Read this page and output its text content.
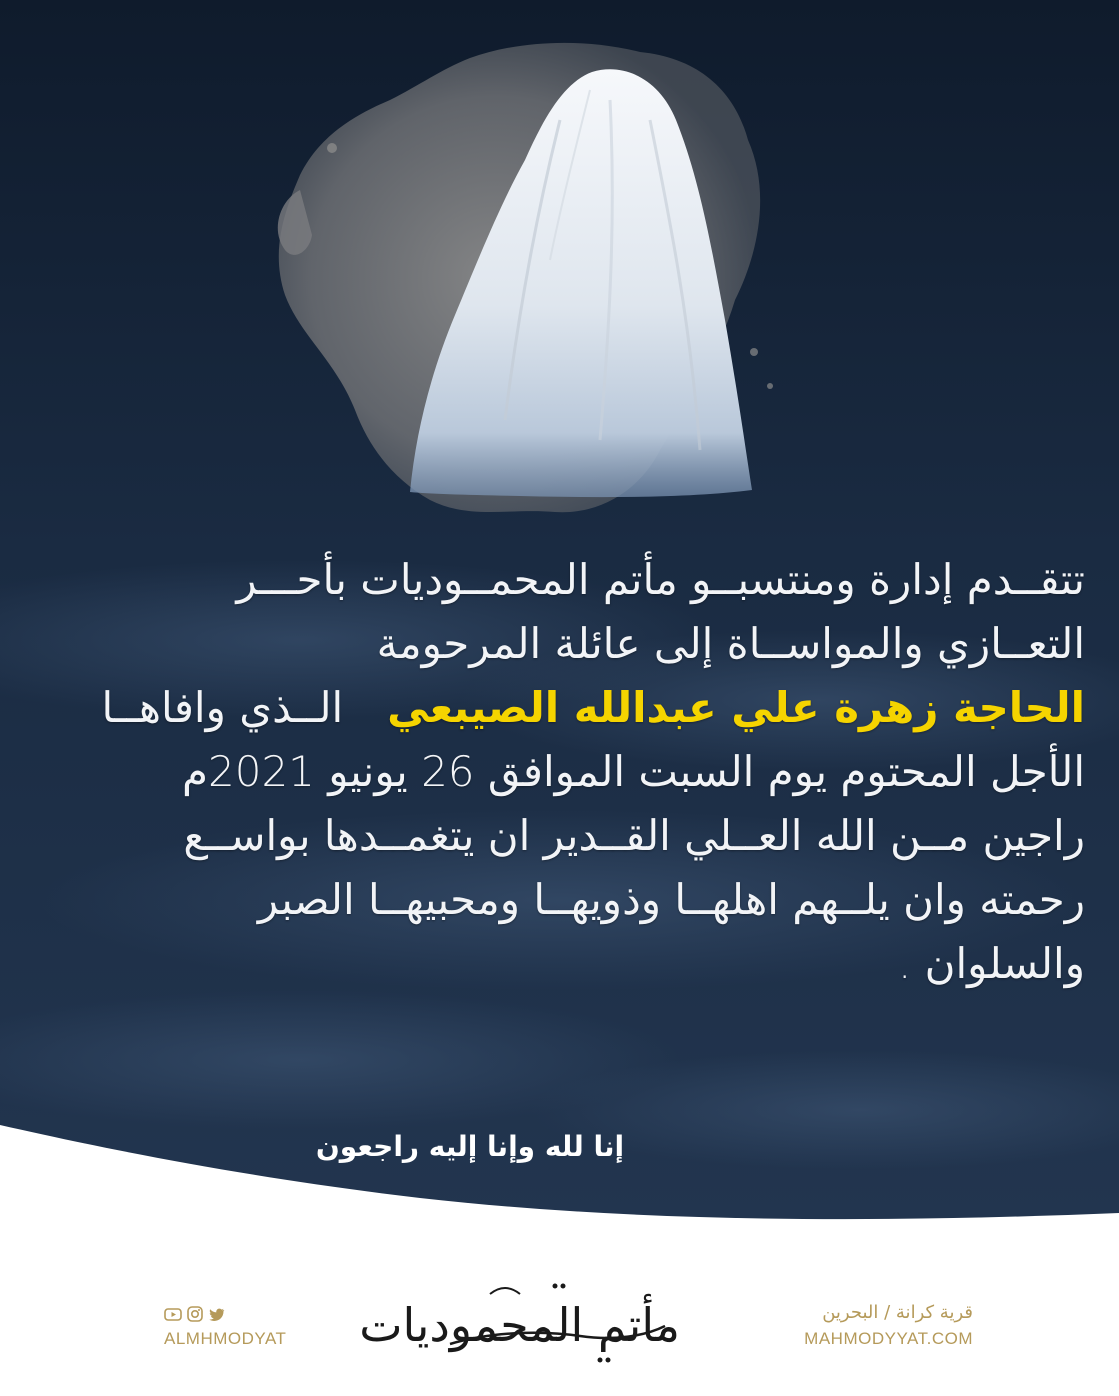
تتقــدم إدارة ومنتسبــو مأتم المحمــوديات بأحـــر
التعــازي والمواســاة إلى عائلة المرحومة
الحاجة زهرة علي عبدالله الصيبعي   الــذي وافاهــا
الأجل المحتوم يوم السبت الموافق 26 يونيو 2021م
راجين مــن الله العــلي القــدير ان يتغمــدها بواســع
رحمته وان يلــهم اهلهــا وذويهــا ومحبيهــا الصبر
والسلوان .
إنا لله وإنا إليه راجعون
ALMHMODYAT مأتم المحموديات	قرية كرانة / البحرين
MAHMODYYAT.COM
